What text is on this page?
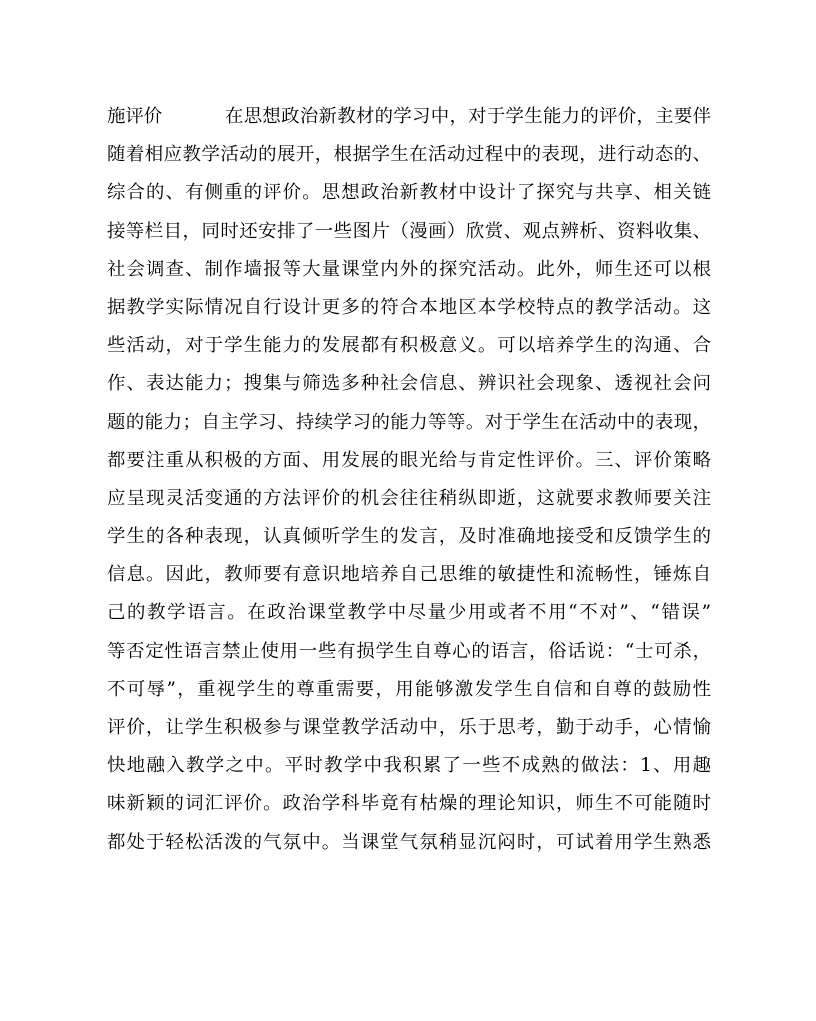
施评价	在思想政治新教材的学习中，对于学生能力的评价，主要伴
随着相应教学活动的展开，根据学生在活动过程中的表现，进行动态的、
综合的、有侧重的评价。思想政治新教材中设计了探究与共享、相关链
接等栏目，同时还安排了一些图片（漫画）欣赏、观点辨析、资料收集、
社会调查、制作墙报等大量课堂内外的探究活动。此外，师生还可以根
据教学实际情况自行设计更多的符合本地区本学校特点的教学活动。这
些活动，对于学生能力的发展都有积极意义。可以培养学生的沟通、合
作、表达能力；搜集与筛选多种社会信息、辨识社会现象、透视社会问
题的能力；自主学习、持续学习的能力等等。对于学生在活动中的表现，
都要注重从积极的方面、用发展的眼光给与肯定性评价。三、评价策略
应呈现灵活变通的方法评价的机会往往稍纵即逝，这就要求教师要关注
学生的各种表现，认真倾听学生的发言，及时准确地接受和反馈学生的
信息。因此，教师要有意识地培养自己思维的敏捷性和流畅性，锤炼自
己的教学语言。在政治课堂教学中尽量少用或者不用“不对”、“错误”
等否定性语言禁止使用一些有损学生自尊心的语言，俗话说：“士可杀，
不可辱”，重视学生的尊重需要，用能够激发学生自信和自尊的鼓励性
评价，让学生积极参与课堂教学活动中，乐于思考，勤于动手，心情愉
快地融入教学之中。平时教学中我积累了一些不成熟的做法：1、用趣
味新颖的词汇评价。政治学科毕竟有枯燥的理论知识，师生不可能随时
都处于轻松活泼的气氛中。当课堂气氛稍显沉闷时，可试着用学生熟悉
